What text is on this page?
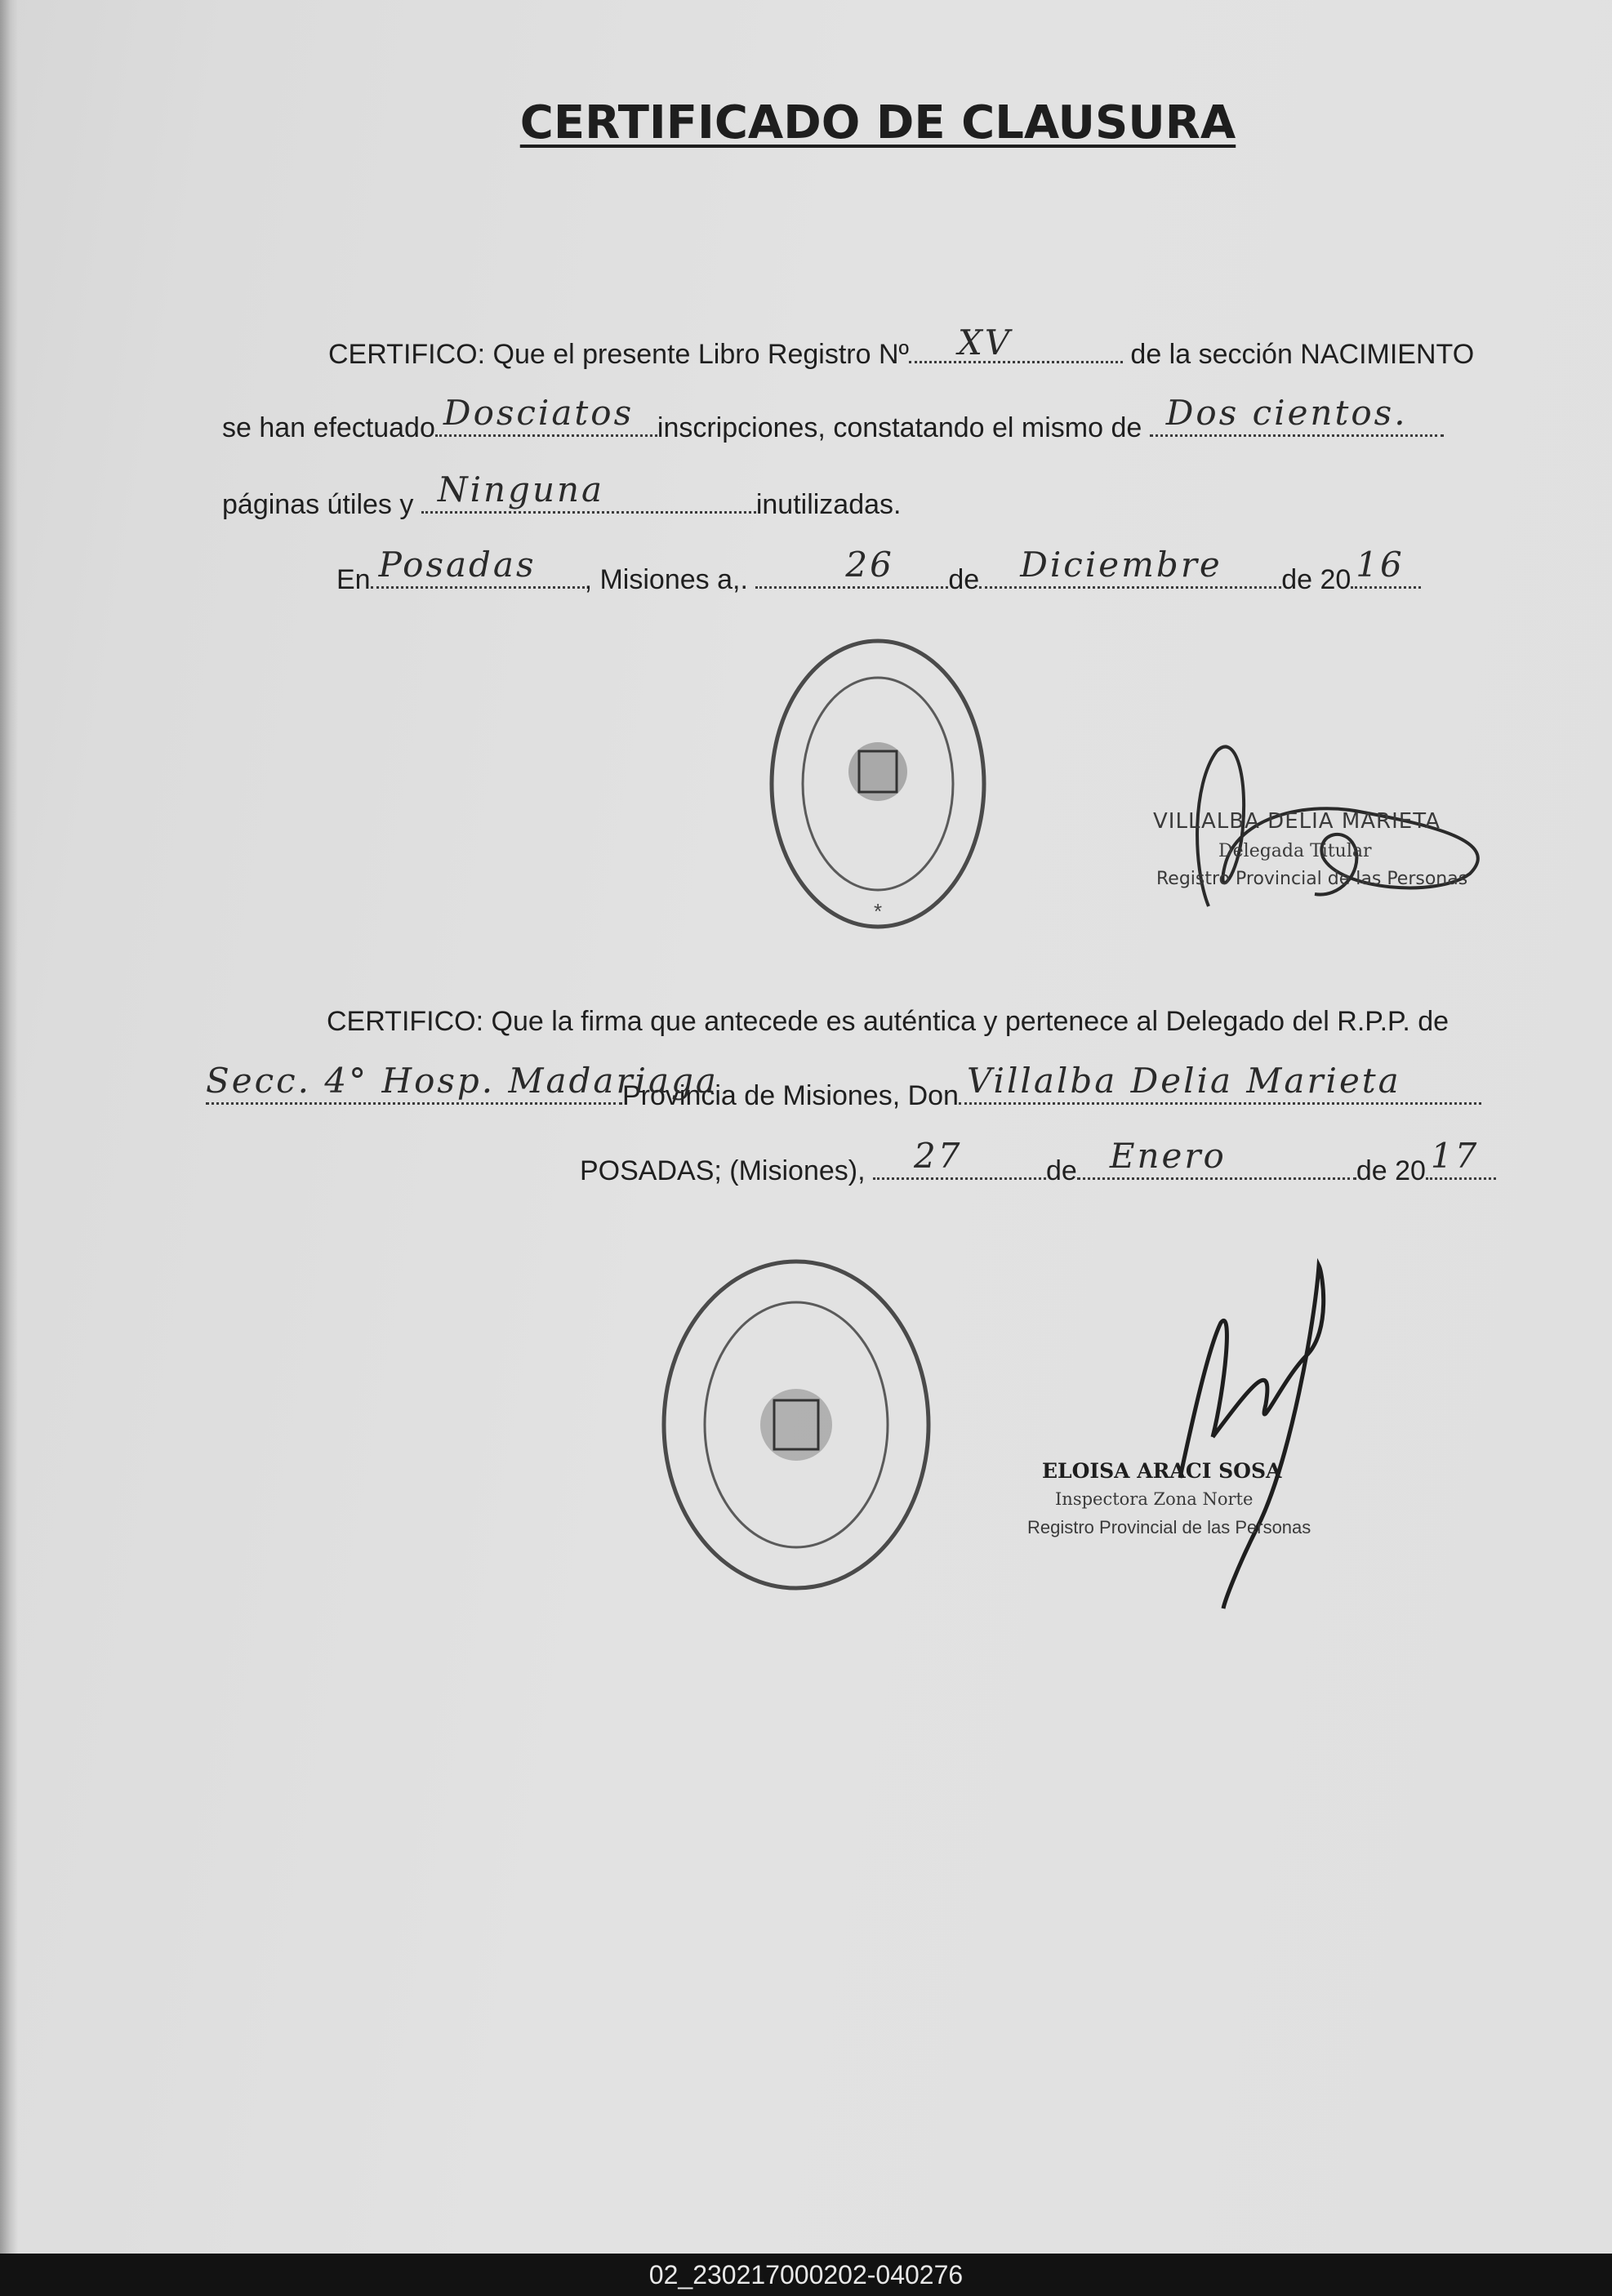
CERTIFICADO DE CLAUSURA
CERTIFICO: Que el presente Libro Registro Nº XV	de la sección NACIMIENTO
se han efectuado Dosciatos inscripciones, constatando el mismo de Dos cientos.
páginas útiles y Ninguna	inutilizadas.
En Posadas , Misiones a,.	26 de Diciembre de 20 16
*
VILLALBA DELIA MARIETA
Delegada Titular
Registro Provincial de las Personas
CERTIFICO: Que la firma que antecede es auténtica y pertenece al Delegado del R.P.P. de
Secc. 4° Hosp. Madariaga
Provincia de Misiones, Don Villalba Delia Marieta
POSADAS; (Misiones), 27	de Enero	de 20 17
ELOISA ARACI SOSA
Inspectora Zona Norte
Registro Provincial de las Personas
02_230217000202-040276
